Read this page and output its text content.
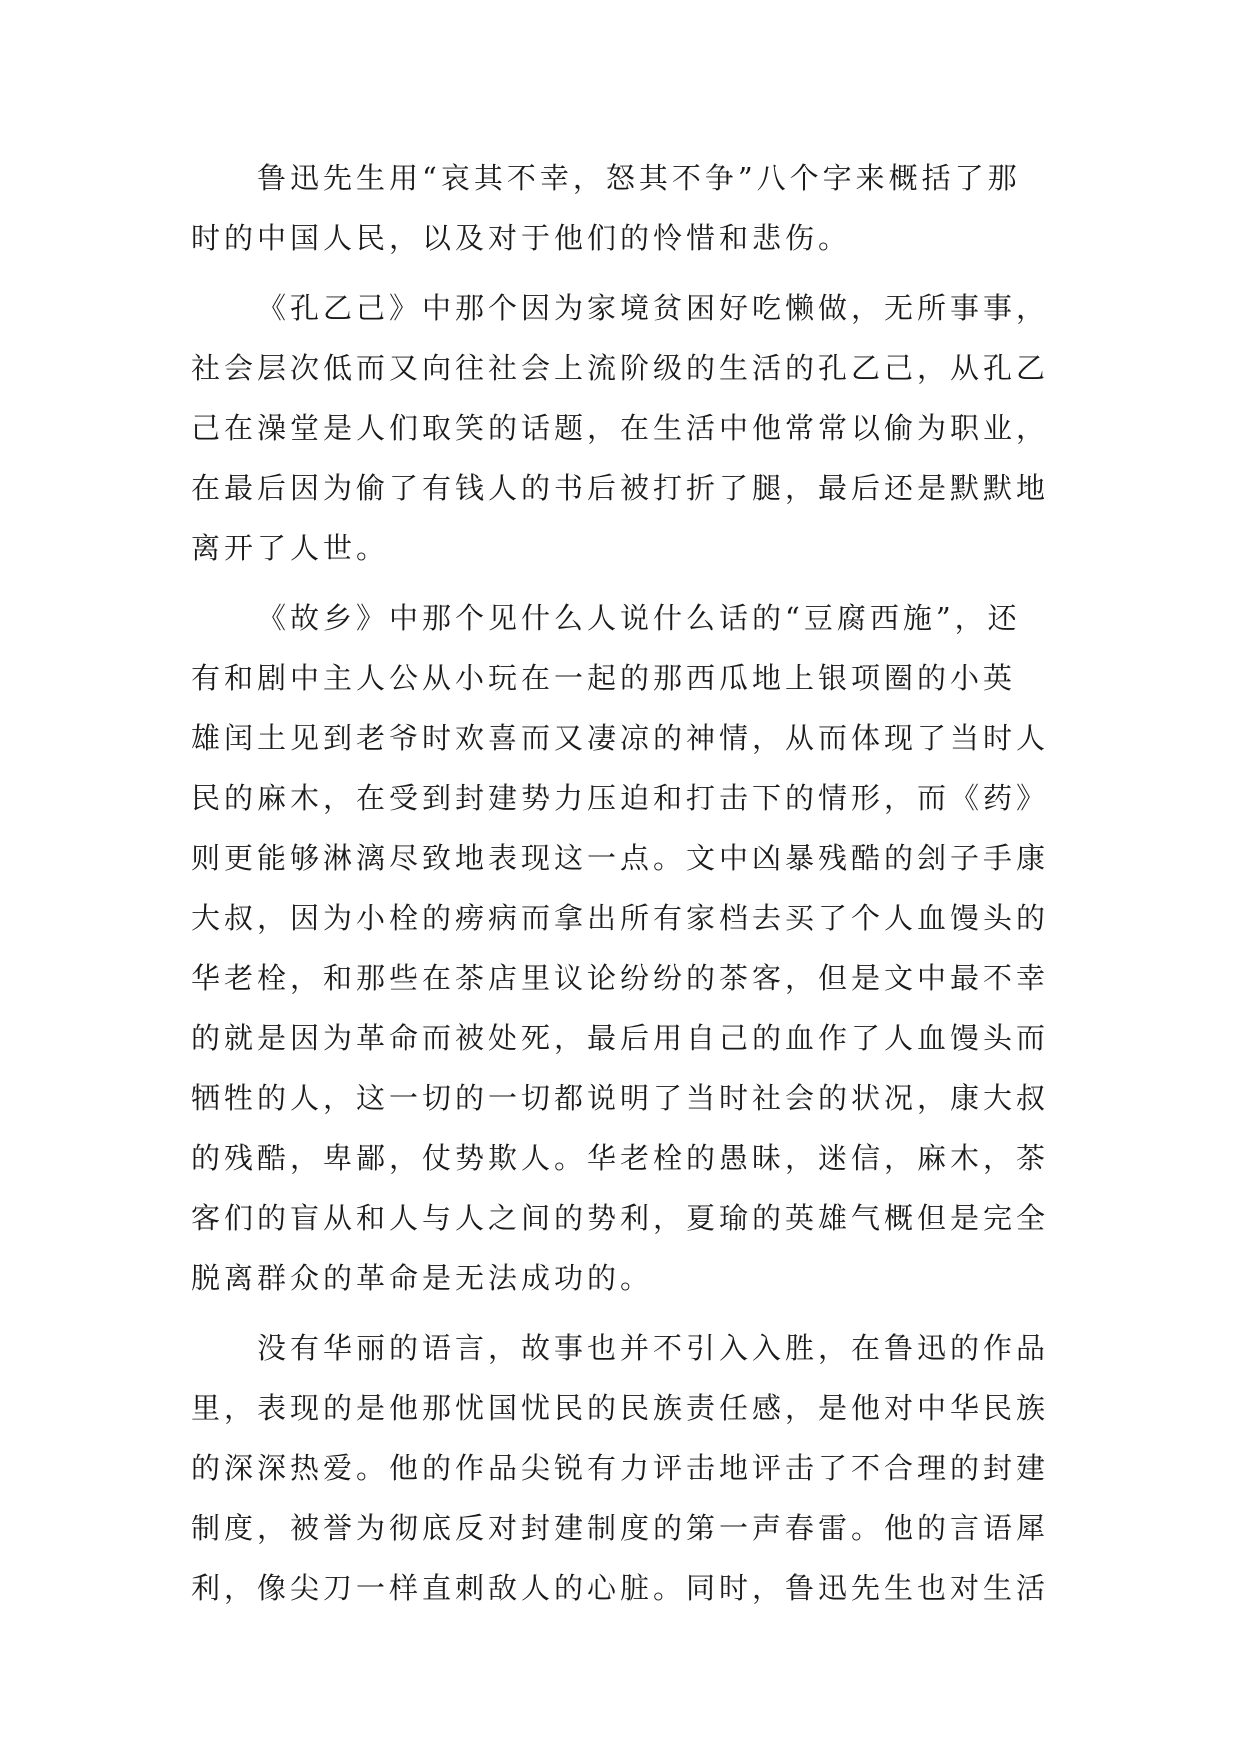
鲁迅先生用“哀其不幸，怒其不争”八个字来概括了那
时的中国人民，以及对于他们的怜惜和悲伤。
《孔乙己》中那个因为家境贫困好吃懒做，无所事事，
社会层次低而又向往社会上流阶级的生活的孔乙己，从孔乙
己在澡堂是人们取笑的话题，在生活中他常常以偷为职业，
在最后因为偷了有钱人的书后被打折了腿，最后还是默默地
离开了人世。
《故乡》中那个见什么人说什么话的“豆腐西施”，还
有和剧中主人公从小玩在一起的那西瓜地上银项圈的小英
雄闰土见到老爷时欢喜而又凄凉的神情，从而体现了当时人
民的麻木，在受到封建势力压迫和打击下的情形，而《药》
则更能够淋漓尽致地表现这一点。文中凶暴残酷的刽子手康
大叔，因为小栓的痨病而拿出所有家档去买了个人血馒头的
华老栓，和那些在茶店里议论纷纷的茶客，但是文中最不幸
的就是因为革命而被处死，最后用自己的血作了人血馒头而
牺牲的人，这一切的一切都说明了当时社会的状况，康大叔
的残酷，卑鄙，仗势欺人。华老栓的愚昧，迷信，麻木，茶
客们的盲从和人与人之间的势利，夏瑜的英雄气概但是完全
脱离群众的革命是无法成功的。
没有华丽的语言，故事也并不引入入胜，在鲁迅的作品
里，表现的是他那忧国忧民的民族责任感，是他对中华民族
的深深热爱。他的作品尖锐有力评击地评击了不合理的封建
制度，被誉为彻底反对封建制度的第一声春雷。他的言语犀
利，像尖刀一样直刺敌人的心脏。同时，鲁迅先生也对生活
